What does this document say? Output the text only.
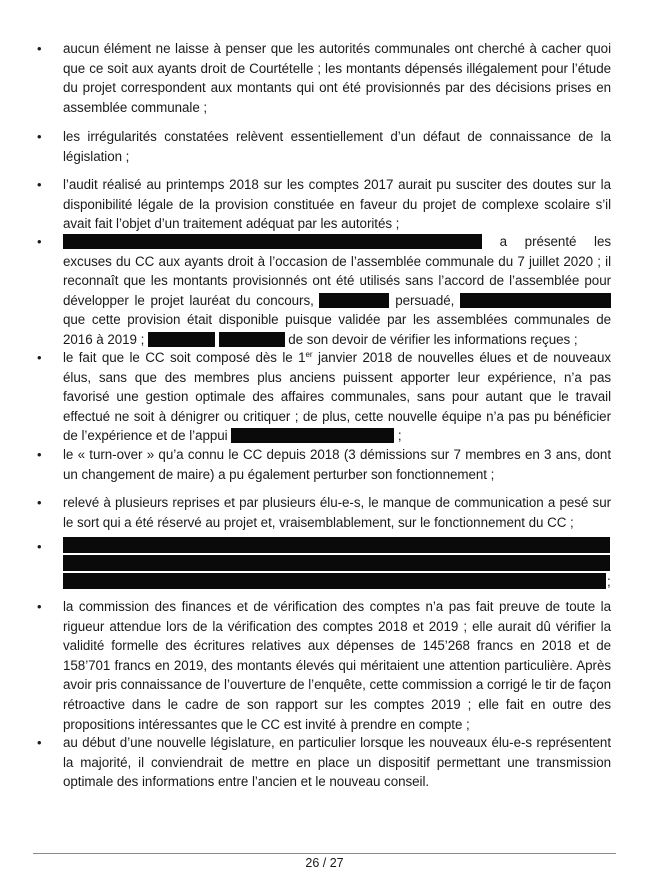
• aucun élément ne laisse à penser que les autorités communales ont cherché à cacher quoi que ce soit aux ayants droit de Courtételle ; les montants dépensés illégalement pour l’étude du projet correspondent aux montants qui ont été provisionnés par des décisions prises en assemblée communale ;
• les irrégularités constatées relèvent essentiellement d’un défaut de connaissance de la législation ;
• l’audit réalisé au printemps 2018 sur les comptes 2017 aurait pu susciter des doutes sur la disponibilité légale de la provision constituée en faveur du projet de complexe scolaire s’il avait fait l’objet d’un traitement adéquat par les autorités ;
•	a présenté les excuses du CC aux ayants droit à l’occasion de l’assemblée communale du 7 juillet 2020 ; il reconnaît que les montants provisionnés ont été utilisés sans l’accord de l’assemblée pour développer le projet lauréat du concours,	persuadé,  que cette provision était disponible puisque validée par les assemblées communales de 2016 à 2019 ;	de son devoir de vérifier les informations reçues ;
• le fait que le CC soit composé dès le 1er janvier 2018 de nouvelles élues et de nouveaux élus, sans que des membres plus anciens puissent apporter leur expérience, n’a pas favorisé une gestion optimale des affaires communales, sans pour autant que le travail effectué ne soit à dénigrer ou critiquer ; de plus, cette nouvelle équipe n’a pas pu bénéficier de l’expérience et de l’appui	;
• le « turn-over » qu’a connu le CC depuis 2018 (3 démissions sur 7 membres en 3 ans, dont un changement de maire) a pu également perturber son fonctionnement ;
• relevé à plusieurs reprises et par plusieurs élu-e-s, le manque de communication a pesé sur le sort qui a été réservé au projet et, vraisemblablement, sur le fonctionnement du CC ;
•
;
• la commission des finances et de vérification des comptes n’a pas fait preuve de toute la rigueur attendue lors de la vérification des comptes 2018 et 2019 ; elle aurait dû vérifier la validité formelle des écritures relatives aux dépenses de 145’268 francs en 2018 et de 158’701 francs en 2019, des montants élevés qui méritaient une attention particulière. Après avoir pris connaissance de l’ouverture de l’enquête, cette commission a corrigé le tir de façon rétroactive dans le cadre de son rapport sur les comptes 2019 ; elle fait en outre des propositions intéressantes que le CC est invité à prendre en compte ;
• au début d’une nouvelle législature, en particulier lorsque les nouveaux élu-e-s représentent la majorité, il conviendrait de mettre en place un dispositif permettant une transmission optimale des informations entre l’ancien et le nouveau conseil.
26 / 27
